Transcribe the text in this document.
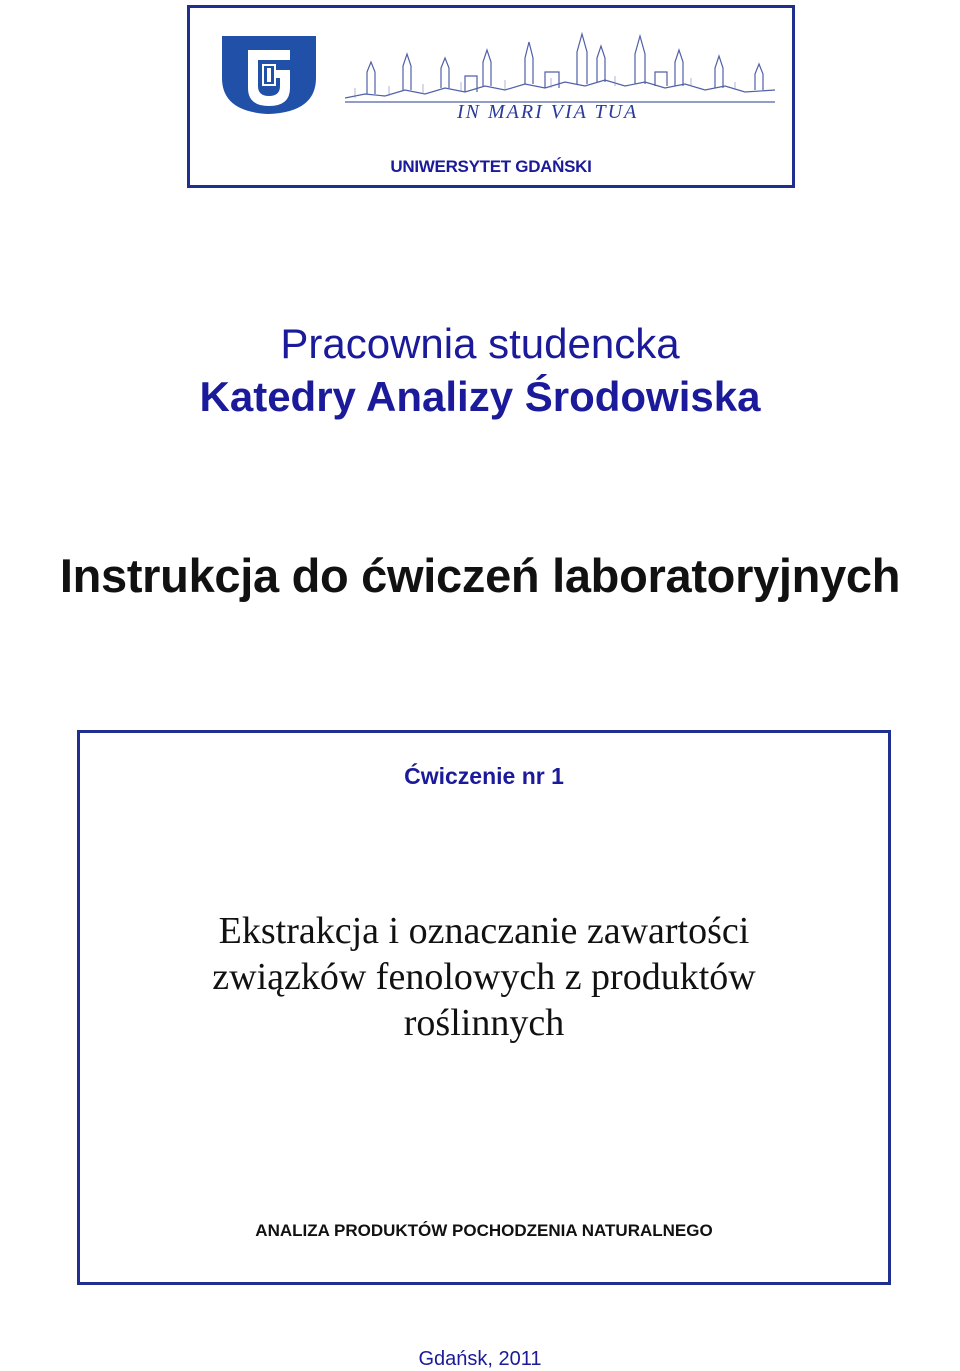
IN MARI VIA TUA
UNIWERSYTET GDAŃSKI
Pracownia studencka
Katedry Analizy Środowiska
Instrukcja do ćwiczeń laboratoryjnych
Ćwiczenie nr 1
Ekstrakcja i oznaczanie zawartości
związków fenolowych z produktów
roślinnych
ANALIZA PRODUKTÓW POCHODZENIA NATURALNEGO
Gdańsk, 2011
